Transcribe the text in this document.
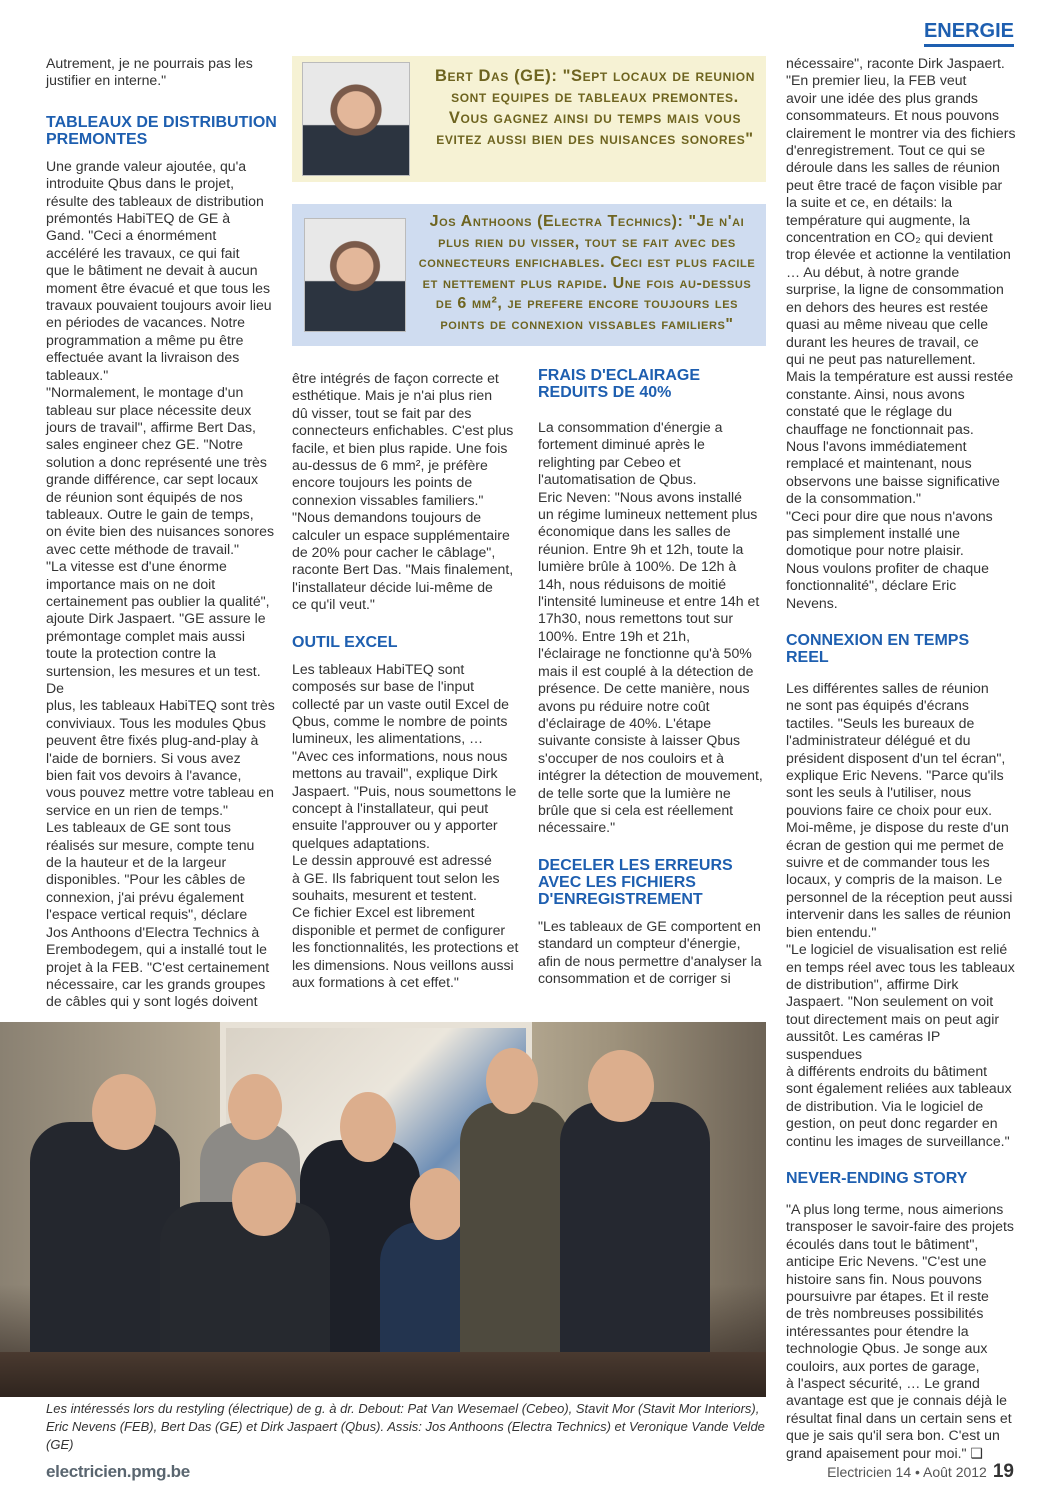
ENERGIE
Bert Das (GE): "Sept locaux de reunion sont equipes de tableaux premontes. Vous gagnez ainsi du temps mais vous evitez aussi bien des nuisances sonores"
Jos Anthoons (Electra Technics): "Je n'ai plus rien du visser, tout se fait avec des connecteurs enfichables. Ceci est plus facile et nettement plus rapide. Une fois au-dessus de 6 mm², je prefere encore toujours les points de connexion vissables familiers"

Autrement, je ne pourrais pas les
justifier en interne."

TABLEAUX DE DISTRIBUTION
PREMONTES

Une grande valeur ajoutée, qu'a
introduite Qbus dans le projet,
résulte des tableaux de distribution
prémontés HabiTEQ de GE à
Gand. "Ceci a énormément
accéléré les travaux, ce qui fait
que le bâtiment ne devait à aucun
moment être évacué et que tous les
travaux pouvaient toujours avoir lieu
en périodes de vacances. Notre
programmation a même pu être
effectuée avant la livraison des
tableaux."
"Normalement, le montage d'un
tableau sur place nécessite deux
jours de travail", affirme Bert Das,
sales engineer chez GE. "Notre
solution a donc représenté une très
grande différence, car sept locaux
de réunion sont équipés de nos
tableaux. Outre le gain de temps,
on évite bien des nuisances sonores
avec cette méthode de travail."
"La vitesse est d'une énorme
importance mais on ne doit
certainement pas oublier la qualité",
ajoute Dirk Jaspaert. "GE assure le
prémontage complet mais aussi
toute la protection contre la
surtension, les mesures et un test. De
plus, les tableaux HabiTEQ sont très
conviviaux. Tous les modules Qbus
peuvent être fixés plug-and-play à
l'aide de borniers. Si vous avez
bien fait vos devoirs à l'avance,
vous pouvez mettre votre tableau en
service en un rien de temps."
Les tableaux de GE sont tous
réalisés sur mesure, compte tenu
de la hauteur et de la largeur
disponibles. "Pour les câbles de
connexion, j'ai prévu également
l'espace vertical requis", déclare
Jos Anthoons d'Electra Technics à
Erembodegem, qui a installé tout le
projet à la FEB. "C'est certainement
nécessaire, car les grands groupes
de câbles qui y sont logés doivent

être intégrés de façon correcte et
esthétique. Mais je n'ai plus rien
dû visser, tout se fait par des
connecteurs enfichables. C'est plus
facile, et bien plus rapide. Une fois
au-dessus de 6 mm², je préfère
encore toujours les points de
connexion vissables familiers."
"Nous demandons toujours de
calculer un espace supplémentaire
de 20% pour cacher le câblage",
raconte Bert Das. "Mais finalement,
l'installateur décide lui-même de
ce qu'il veut."

OUTIL EXCEL

Les tableaux HabiTEQ sont
composés sur base de l'input
collecté par un vaste outil Excel de
Qbus, comme le nombre de points
lumineux, les alimentations, …
"Avec ces informations, nous nous
mettons au travail", explique Dirk
Jaspaert. "Puis, nous soumettons le
concept à l'installateur, qui peut
ensuite l'approuver ou y apporter
quelques adaptations.
Le dessin approuvé est adressé
à GE. Ils fabriquent tout selon les
souhaits, mesurent et testent.
Ce fichier Excel est librement
disponible et permet de configurer
les fonctionnalités, les protections et
les dimensions. Nous veillons aussi
aux formations à cet effet."

FRAIS D'ECLAIRAGE
REDUITS DE 40%

La consommation d'énergie a
fortement diminué après le
relighting par Cebeo et
l'automatisation de Qbus.
Eric Neven: "Nous avons installé
un régime lumineux nettement plus
économique dans les salles de
réunion. Entre 9h et 12h, toute la
lumière brûle à 100%. De 12h à
14h, nous réduisons de moitié
l'intensité lumineuse et entre 14h et
17h30, nous remettons tout sur
100%. Entre 19h et 21h,
l'éclairage ne fonctionne qu'à 50%
mais il est couplé à la détection de
présence. De cette manière, nous
avons pu réduire notre coût
d'éclairage de 40%. L'étape
suivante consiste à laisser Qbus
s'occuper de nos couloirs et à
intégrer la détection de mouvement,
de telle sorte que la lumière ne
brûle que si cela est réellement
nécessaire."

DECELER LES ERREURS
AVEC LES FICHIERS
D'ENREGISTREMENT

"Les tableaux de GE comportent en
standard un compteur d'énergie,
afin de nous permettre d'analyser la
consommation et de corriger si

nécessaire", raconte Dirk Jaspaert.
"En premier lieu, la FEB veut
avoir une idée des plus grands
consommateurs. Et nous pouvons
clairement le montrer via des fichiers
d'enregistrement. Tout ce qui se
déroule dans les salles de réunion
peut être tracé de façon visible par
la suite et ce, en détails: la
température qui augmente, la
concentration en CO₂ qui devient
trop élevée et actionne la ventilation
… Au début, à notre grande
surprise, la ligne de consommation
en dehors des heures est restée
quasi au même niveau que celle
durant les heures de travail, ce
qui ne peut pas naturellement.
Mais la température est aussi restée
constante. Ainsi, nous avons
constaté que le réglage du
chauffage ne fonctionnait pas.
Nous l'avons immédiatement
remplacé et maintenant, nous
observons une baisse significative
de la consommation."
"Ceci pour dire que nous n'avons
pas simplement installé une
domotique pour notre plaisir.
Nous voulons profiter de chaque
fonctionnalité", déclare Eric
Nevens.

CONNEXION EN TEMPS REEL

Les différentes salles de réunion
ne sont pas équipés d'écrans
tactiles. "Seuls les bureaux de
l'administrateur délégué et du
président disposent d'un tel écran",
explique Eric Nevens. "Parce qu'ils
sont les seuls à l'utiliser, nous
pouvions faire ce choix pour eux.
Moi-même, je dispose du reste d'un
écran de gestion qui me permet de
suivre et de commander tous les
locaux, y compris de la maison. Le
personnel de la réception peut aussi
intervenir dans les salles de réunion
bien entendu."
"Le logiciel de visualisation est relié
en temps réel avec tous les tableaux
de distribution", affirme Dirk
Jaspaert. "Non seulement on voit
tout directement mais on peut agir
aussitôt. Les caméras IP suspendues
à différents endroits du bâtiment
sont également reliées aux tableaux
de distribution. Via le logiciel de
gestion, on peut donc regarder en
continu les images de surveillance."

NEVER-ENDING STORY

"A plus long terme, nous aimerions
transposer le savoir-faire des projets
écoulés dans tout le bâtiment",
anticipe Eric Nevens. "C'est une
histoire sans fin. Nous pouvons
poursuivre par étapes. Et il reste
de très nombreuses possibilités
intéressantes pour étendre la
technologie Qbus. Je songe aux
couloirs, aux portes de garage,
à l'aspect sécurité, … Le grand
avantage est que je connais déjà le
résultat final dans un certain sens et
que je sais qu'il sera bon. C'est un
grand apaisement pour moi." ❑

Les intéressés lors du restyling (électrique) de g. à dr. Debout: Pat Van Wesemael (Cebeo), Stavit Mor (Stavit Mor Interiors), Eric Nevens (FEB), Bert Das (GE) et Dirk Jaspaert (Qbus). Assis: Jos Anthoons (Electra Technics) et Veronique Vande Velde (GE)
electricien.pmg.be	Electricien 14 • Août 2012 19
